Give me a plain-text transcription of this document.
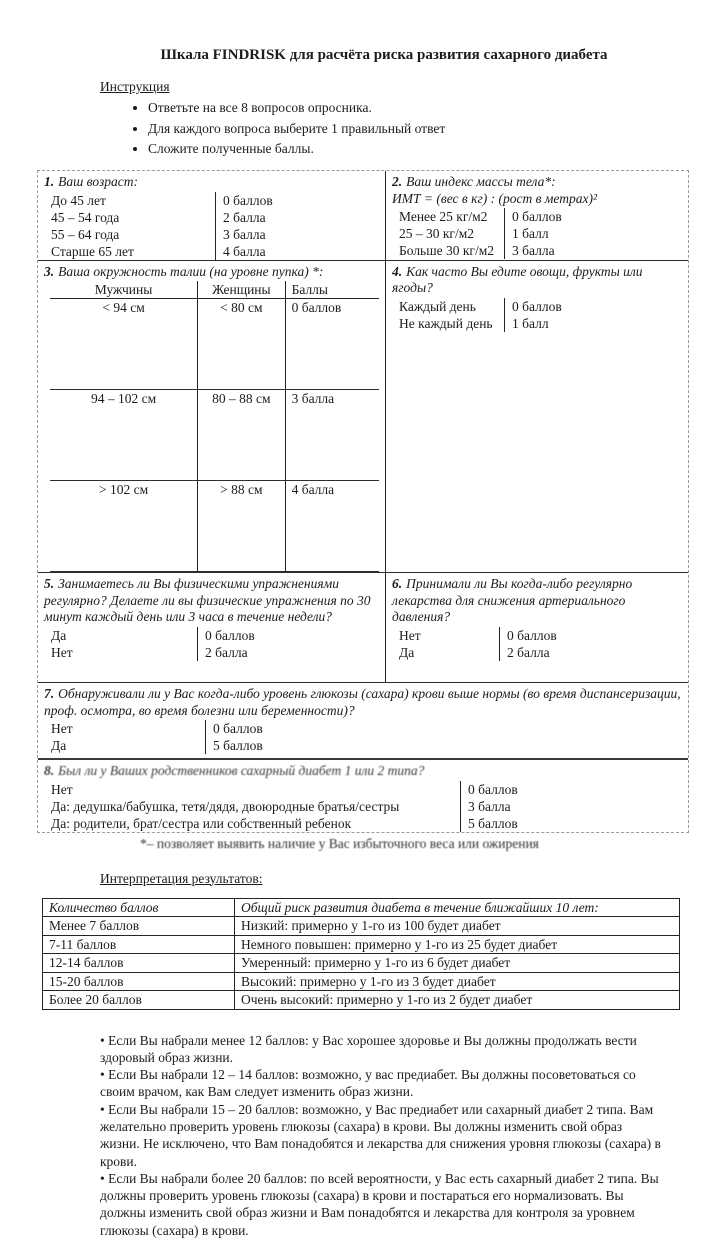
Шкала FINDRISK для расчёта риска развития сахарного диабета
Инструкция
• Ответьте на все 8 вопросов опросника.
• Для каждого вопроса выберите 1 правильный ответ
• Сложите полученные баллы.
1. Ваш возраст:
До 45 лет	0 баллов
45 – 54 года	2 балла
55 – 64 года	3 балла
Старше 65 лет	4 балла

2. Ваш индекс массы тела*:
ИМТ = (вес в кг) : (рост в метрах)²
Менее 25 кг/м2	0 баллов
25 – 30 кг/м2	1 балл
Больше 30 кг/м2	3 балла

3. Ваша окружность талии (на уровне пупка) *:
Мужчины	Женщины	Баллы
< 94 см	< 80 см	0 баллов
94 – 102 см	80 – 88 см	3 балла
> 102 см	> 88 см	4 балла

4. Как часто Вы едите овощи, фрукты или ягоды?
Каждый день	0 баллов
Не каждый день	1 балл

5. Занимаетесь ли Вы физическими упражнениями регулярно? Делаете ли вы физические упражнения по 30 минут каждый день или 3 часа в течение недели?
Да	0 баллов
Нет	2 балла

6. Принимали ли Вы когда-либо регулярно лекарства для снижения артериального давления?
Нет	0 баллов
Да	2 балла

7. Обнаруживали ли у Вас когда-либо уровень глюкозы (сахара) крови выше нормы (во время диспансеризации, проф. осмотра, во время болезни или беременности)?
Нет	0 баллов
Да	5 баллов

8. Был ли у Ваших родственников сахарный диабет 1 или 2 типа?
Нет	0 баллов
Да: дедушка/бабушка, тетя/дядя, двоюродные братья/сестры	3 балла
Да: родители, брат/сестра или собственный ребенок	5 баллов
*– позволяет выявить наличие у Вас избыточного веса или ожирения
Интерпретация результатов:
Количество баллов	Общий риск развития диабета в течение ближайших 10 лет:
Менее 7 баллов	Низкий: примерно у 1-го из 100 будет диабет
7-11 баллов	Немного повышен: примерно у 1-го из 25 будет диабет
12-14 баллов	Умеренный: примерно у 1-го из 6 будет диабет
15-20 баллов	Высокий: примерно у 1-го из 3 будет диабет
Более 20 баллов	Очень высокий: примерно у 1-го из 2 будет диабет

• Если Вы набрали менее 12 баллов: у Вас хорошее здоровье и Вы должны продолжать вести здоровый образ жизни.

• Если Вы набрали 12 – 14 баллов: возможно, у вас предиабет. Вы должны посоветоваться со своим врачом, как Вам следует изменить образ жизни.

• Если Вы набрали 15 – 20 баллов: возможно, у Вас предиабет или сахарный диабет 2 типа. Вам желательно проверить уровень глюкозы (сахара) в крови. Вы должны изменить свой образ жизни. Не исключено, что Вам понадобятся и лекарства для снижения уровня глюкозы (сахара) в крови.

• Если Вы набрали более 20 баллов: по всей вероятности, у Вас есть сахарный диабет 2 типа. Вы должны проверить уровень глюкозы (сахара) в крови и постараться его нормализовать. Вы должны изменить свой образ жизни и Вам понадобятся и лекарства для контроля за уровнем глюкозы (сахара) в крови.
